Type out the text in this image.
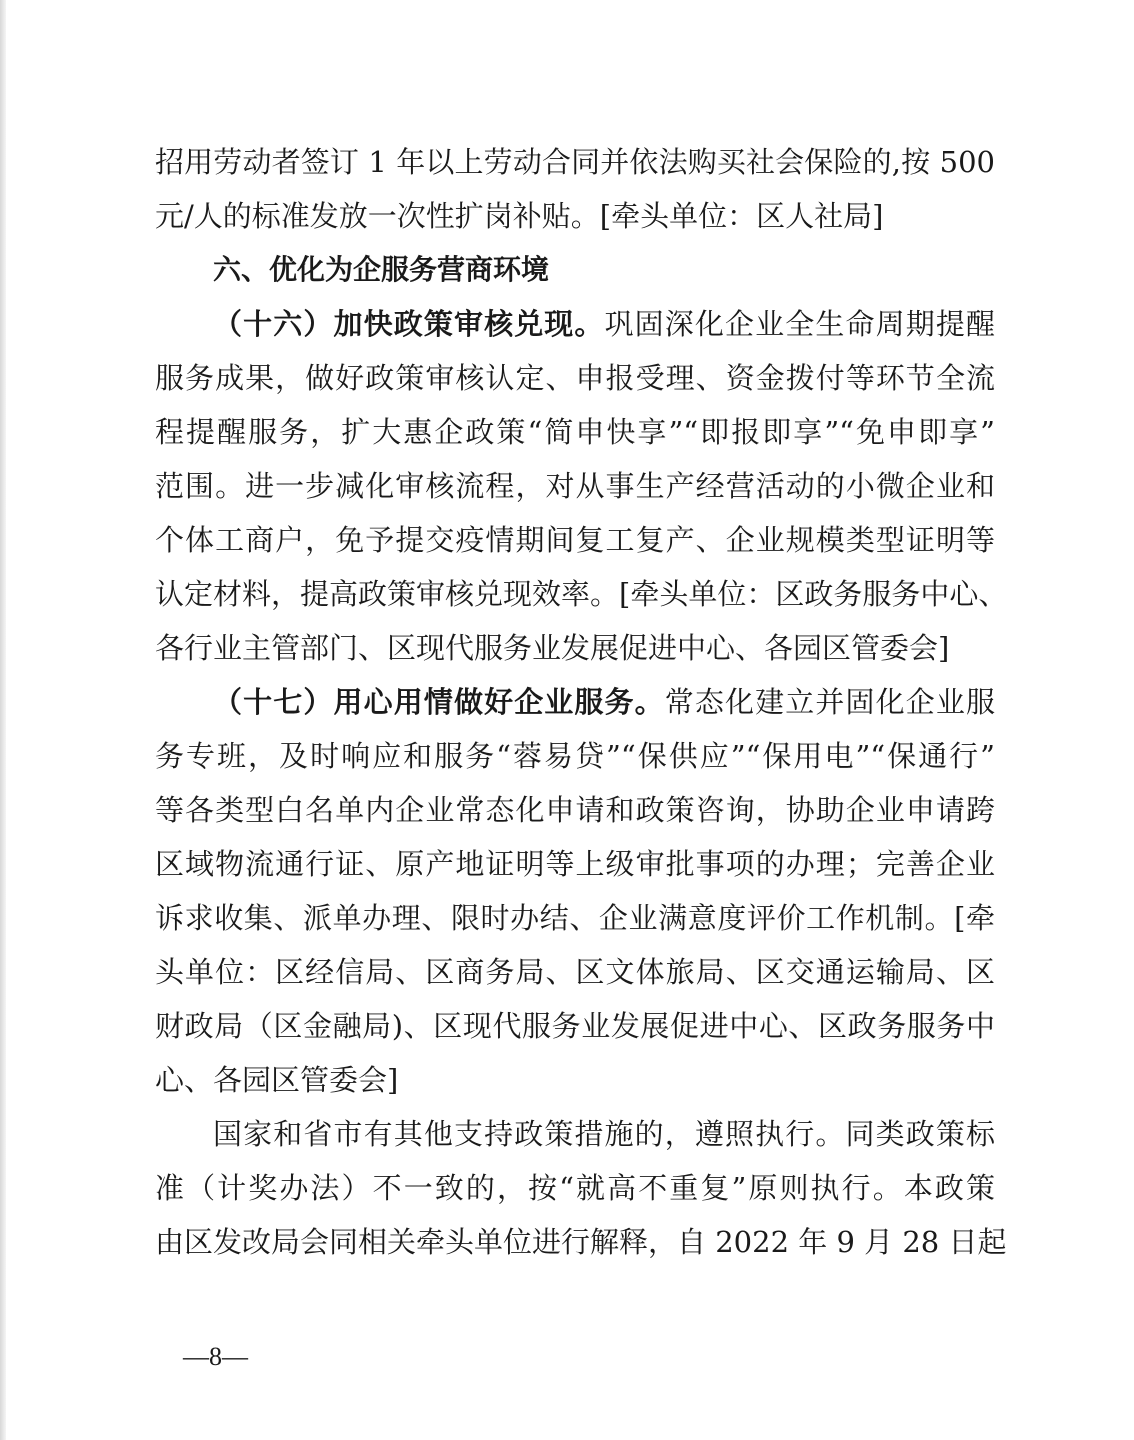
招用劳动者签订 1 年以上劳动合同并依法购买社会保险的,按 500
元/人的标准发放一次性扩岗补贴。[牵头单位：区人社局]
六、优化为企服务营商环境
（十六）加快政策审核兑现。巩固深化企业全生命周期提醒
服务成果，做好政策审核认定、申报受理、资金拨付等环节全流
程提醒服务，扩大惠企政策“简申快享”“即报即享”“免申即享”
范围。进一步减化审核流程，对从事生产经营活动的小微企业和
个体工商户，免予提交疫情期间复工复产、企业规模类型证明等
认定材料，提高政策审核兑现效率。[牵头单位：区政务服务中心、
各行业主管部门、区现代服务业发展促进中心、各园区管委会]
（十七）用心用情做好企业服务。常态化建立并固化企业服
务专班，及时响应和服务“蓉易贷”“保供应”“保用电”“保通行”
等各类型白名单内企业常态化申请和政策咨询，协助企业申请跨
区域物流通行证、原产地证明等上级审批事项的办理；完善企业
诉求收集、派单办理、限时办结、企业满意度评价工作机制。[牵
头单位：区经信局、区商务局、区文体旅局、区交通运输局、区
财政局（区金融局)、区现代服务业发展促进中心、区政务服务中
心、各园区管委会]
国家和省市有其他支持政策措施的，遵照执行。同类政策标
准（计奖办法）不一致的，按“就高不重复”原则执行。本政策
由区发改局会同相关牵头单位进行解释，自 2022 年 9 月 28 日起
—8—
